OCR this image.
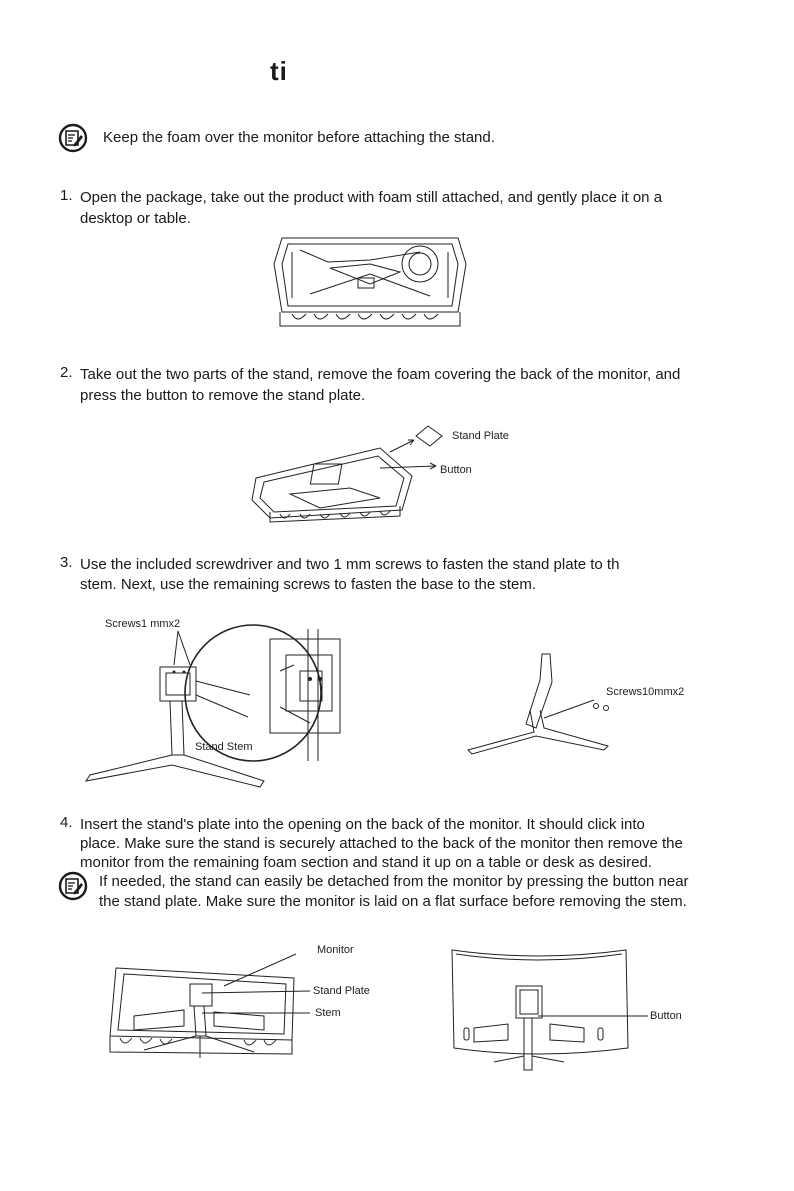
ti
Keep the foam over the monitor before attaching the stand.
1. Open the package, take out the product with foam still attached, and gently place it on a
desktop or table.
2. Take out the two parts of the stand, remove the foam covering the back of the monitor, and
press the button to remove the stand plate.
Stand Plate
Button
3. Use the included screwdriver and two 1 mm screws to fasten the stand plate to th
stem. Next, use the remaining screws to fasten the base to the stem.
Screws1 mmx2
Stand Stem
Screws10mmx2
4. Insert the stand's plate into the opening on the back of the monitor. It should click into
place. Make sure the stand is securely attached to the back of the monitor then remove the
monitor from the remaining foam section and stand it up on a table or desk as desired.
If needed, the stand can easily be detached from the monitor by pressing the button near
the stand plate. Make sure the monitor is laid on a flat surface before removing the stem.
Monitor
Stand Plate
Stem	Button
